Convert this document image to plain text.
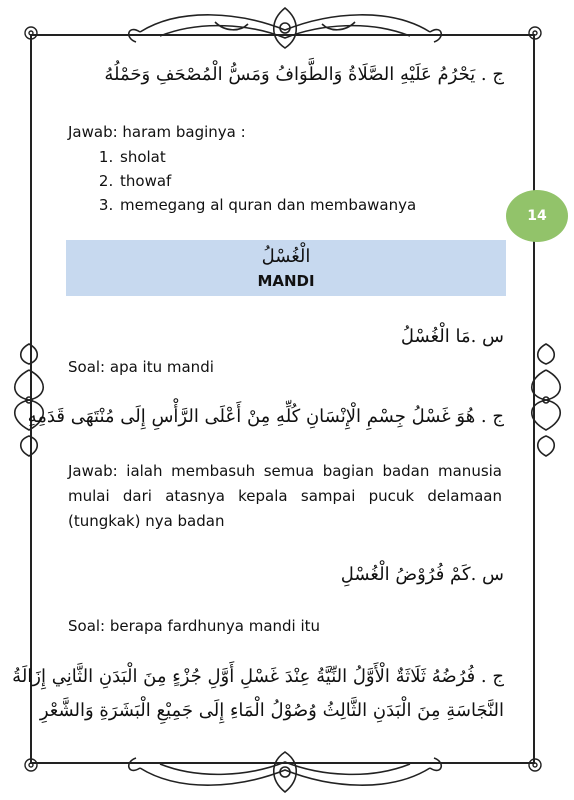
14
ج . يَحْرُمُ عَلَيْهِ الصَّلَاةُ وَالطَّوَافُ وَمَسُّ الْمُصْحَفِ وَحَمْلُهُ
Jawab: haram baginya :
1. sholat
2. thowaf
3. memegang al quran dan membawanya
الْغُسْلُ
MANDI
س .مَا الْغُسْلُ
Soal: apa itu mandi
ج . هُوَ غَسْلُ جِسْمِ الْإِنْسَانِ كُلِّهِ مِنْ أَعْلَى الرَّأْسِ إِلَى مُنْتَهَى قَدَمِهِ
Jawab: ialah membasuh semua bagian badan manusia mulai dari atasnya kepala sampai pucuk delamaan (tungkak) nya badan
س .كَمْ فُرُوْضُ الْغُسْلِ
Soal: berapa fardhunya mandi itu
ج . فُرُضُهُ ثَلَاثَةٌ الْأَوَّلُ النِّيَّةُ عِنْدَ غَسْلِ أَوَّلِ جُزْءٍ مِنَ الْبَدَنِ الثَّانِي إِزَالَةُ
النَّجَاسَةِ مِنَ الْبَدَنِ الثَّالِثُ وُصُوْلُ الْمَاءِ إِلَى جَمِيْعِ الْبَشَرَةِ وَالشَّعْرِ
